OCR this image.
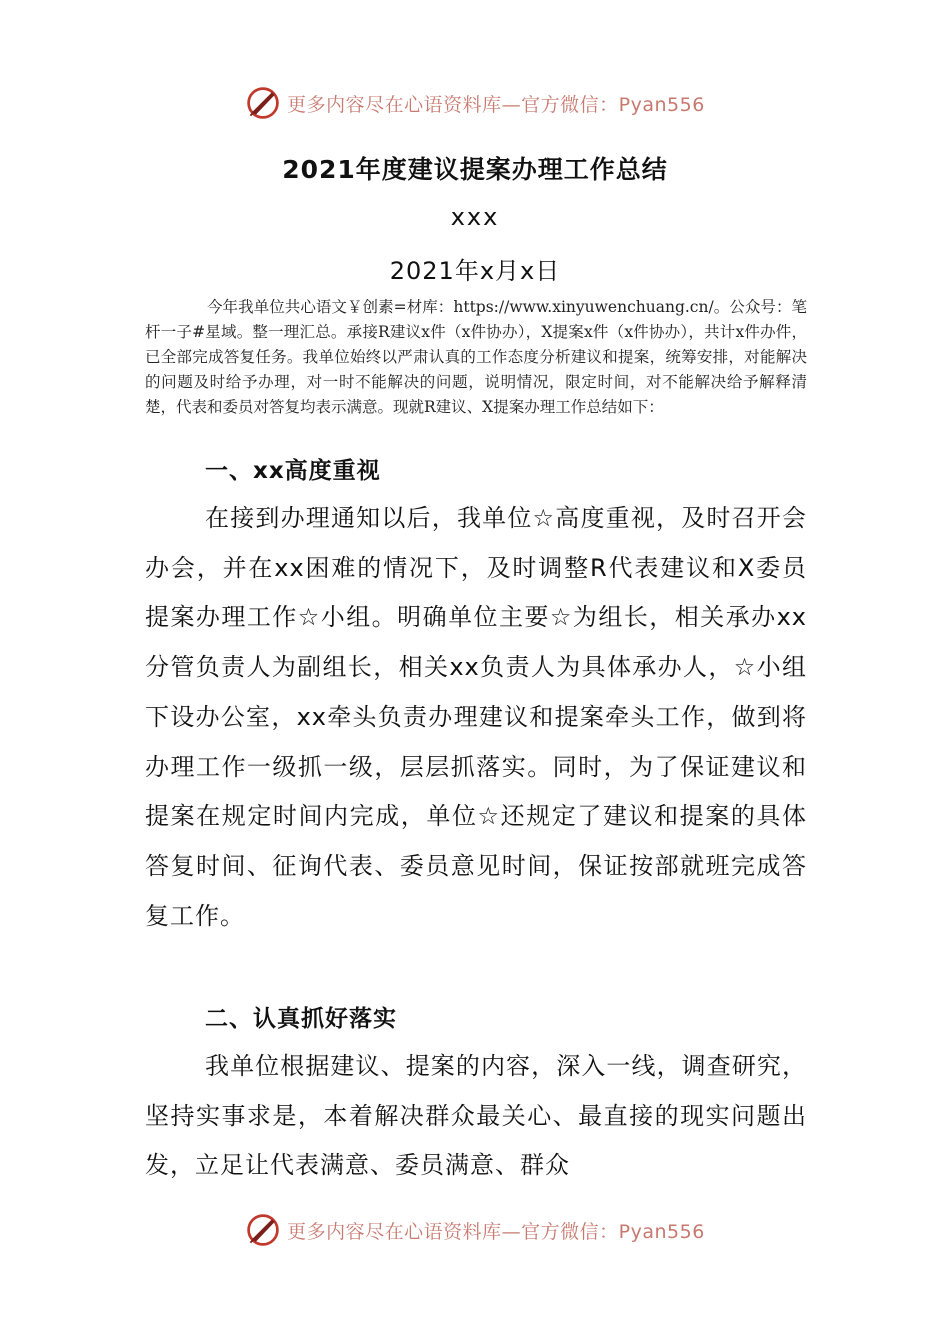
更多内容尽在心语资料库—官方微信：Pyan556
2021年度建议提案办理工作总结
xxx
2021年x月x日

今年我单位共心语文￥创素=材库：https://www.xinyuwenchuang.cn/。公众号：笔杆一子#星域。整一理汇总。承接R建议x件（x件协办），X提案x件（x件协办），共计x件办件，已全部完成答复任务。我单位始终以严肃认真的工作态度分析建议和提案，统筹安排，对能解决的问题及时给予办理，对一时不能解决的问题，说明情况，限定时间，对不能解决给予解释清楚，代表和委员对答复均表示满意。现就R建议、X提案办理工作总结如下：

一、xx高度重视

在接到办理通知以后，我单位☆高度重视，及时召开会办会，并在xx困难的情况下，及时调整R代表建议和X委员提案办理工作☆小组。明确单位主要☆为组长，相关承办xx分管负责人为副组长，相关xx负责人为具体承办人，☆小组下设办公室，xx牵头负责办理建议和提案牵头工作，做到将办理工作一级抓一级，层层抓落实。同时，为了保证建议和提案在规定时间内完成，单位☆还规定了建议和提案的具体答复时间、征询代表、委员意见时间，保证按部就班完成答复工作。

二、认真抓好落实

我单位根据建议、提案的内容，深入一线，调查研究，坚持实事求是，本着解决群众最关心、最直接的现实问题出发，立足让代表满意、委员满意、群众

更多内容尽在心语资料库—官方微信：Pyan556
